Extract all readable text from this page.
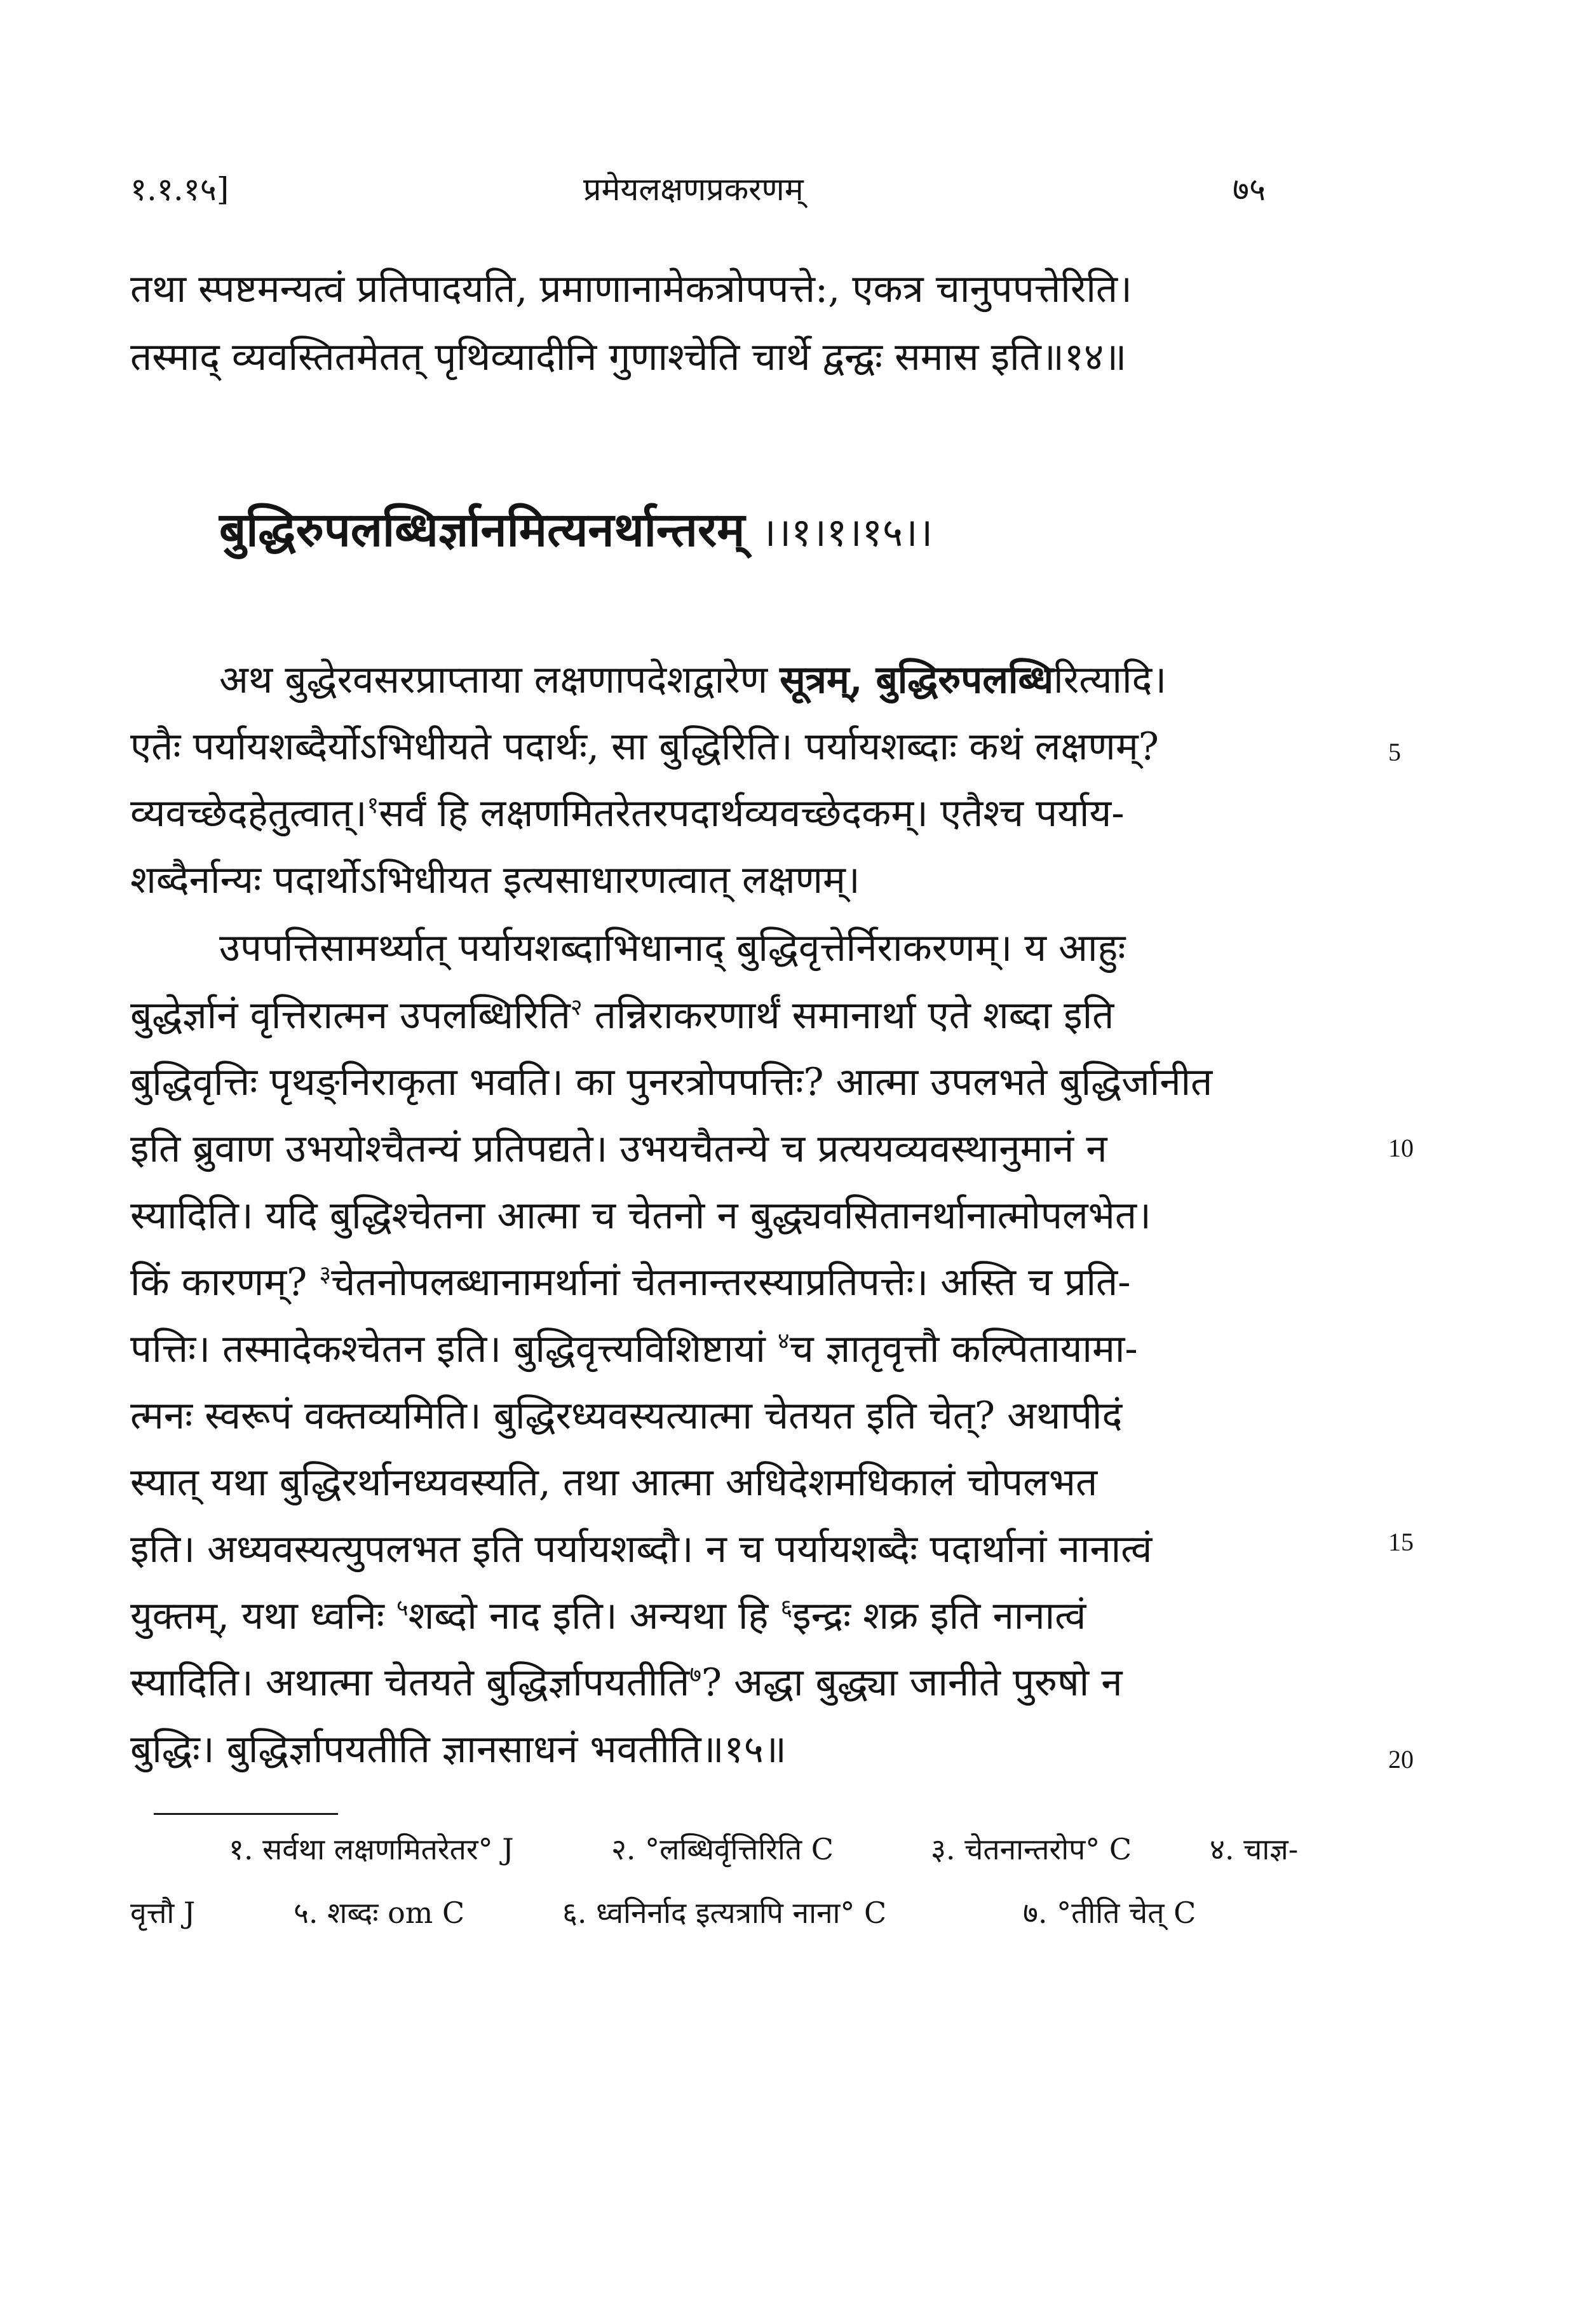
१.१.१५]	प्रमेयलक्षणप्रकरणम्	७५
तथा स्पष्टमन्यत्वं प्रतिपादयति, प्रमाणानामेकत्रोपपत्ते:, एकत्र चानुपपत्तेरिति।
तस्माद् व्यवस्तितमेतत् पृथिव्यादीनि गुणाश्चेति चार्थे द्वन्द्वः समास इति॥१४॥
बुद्धिरुपलब्धिर्ज्ञानमित्यनर्थान्तरम् ।।१।१।१५।।
अथ बुद्धेरवसरप्राप्ताया लक्षणापदेशद्वारेण सूत्रम्, बुद्धिरुपलब्धिरित्यादि।
एतैः पर्यायशब्दैर्योऽभिधीयते पदार्थः, सा बुद्धिरिति। पर्यायशब्दाः कथं लक्षणम्?
व्यवच्छेदहेतुत्वात्।$^१$सर्वं हि लक्षणमितरेतरपदार्थव्यवच्छेदकम्। एतैश्च पर्याय-
शब्दैर्नान्यः पदार्थोऽभिधीयत इत्यसाधारणत्वात् लक्षणम्।
उपपत्तिसामर्थ्यात् पर्यायशब्दाभिधानाद् बुद्धिवृत्तेर्निराकरणम्। य आहुः
बुद्धेर्ज्ञानं वृत्तिरात्मन उपलब्धिरिति$^२$ तन्निराकरणार्थं समानार्था एते शब्दा इति
बुद्धिवृत्तिः पृथङ्निराकृता भवति। का पुनरत्रोपपत्तिः? आत्मा उपलभते बुद्धिर्जानीत
इति ब्रुवाण उभयोश्चैतन्यं प्रतिपद्यते। उभयचैतन्ये च प्रत्ययव्यवस्थानुमानं न
स्यादिति। यदि बुद्धिश्चेतना आत्मा च चेतनो न बुद्ध्यवसितानर्थानात्मोपलभेत।
किं कारणम्? $^३$चेतनोपलब्धानामर्थानां चेतनान्तरस्याप्रतिपत्तेः। अस्ति च प्रति-
पत्तिः। तस्मादेकश्चेतन इति। बुद्धिवृत्त्यविशिष्टायां $^४$च ज्ञातृवृत्तौ कल्पितायामा-
त्मनः स्वरूपं वक्तव्यमिति। बुद्धिरध्यवस्यत्यात्मा चेतयत इति चेत्? अथापीदं
स्यात् यथा बुद्धिरर्थानध्यवस्यति, तथा आत्मा अधिदेशमधिकालं चोपलभत
इति। अध्यवस्यत्युपलभत इति पर्यायशब्दौ। न च पर्यायशब्दैः पदार्थानां नानात्वं
युक्तम्, यथा ध्वनिः $^५$शब्दो नाद इति। अन्यथा हि $^६$इन्द्रः शक्र इति नानात्वं
स्यादिति। अथात्मा चेतयते बुद्धिर्ज्ञापयतीति$^७$? अद्धा बुद्ध्या जानीते पुरुषो न
बुद्धिः। बुद्धिर्ज्ञापयतीति ज्ञानसाधनं भवतीति॥१५॥
5
10
15
20
१. सर्वथा लक्षणमितरेतर° J	२. °लब्धिर्वृत्तिरिति C	३. चेतनान्तरोप° C	४. चाज्ञ-
वृत्तौ J	५. शब्दः om C	६. ध्वनिर्नाद इत्यत्रापि नाना° C	७. °तीति चेत् C
